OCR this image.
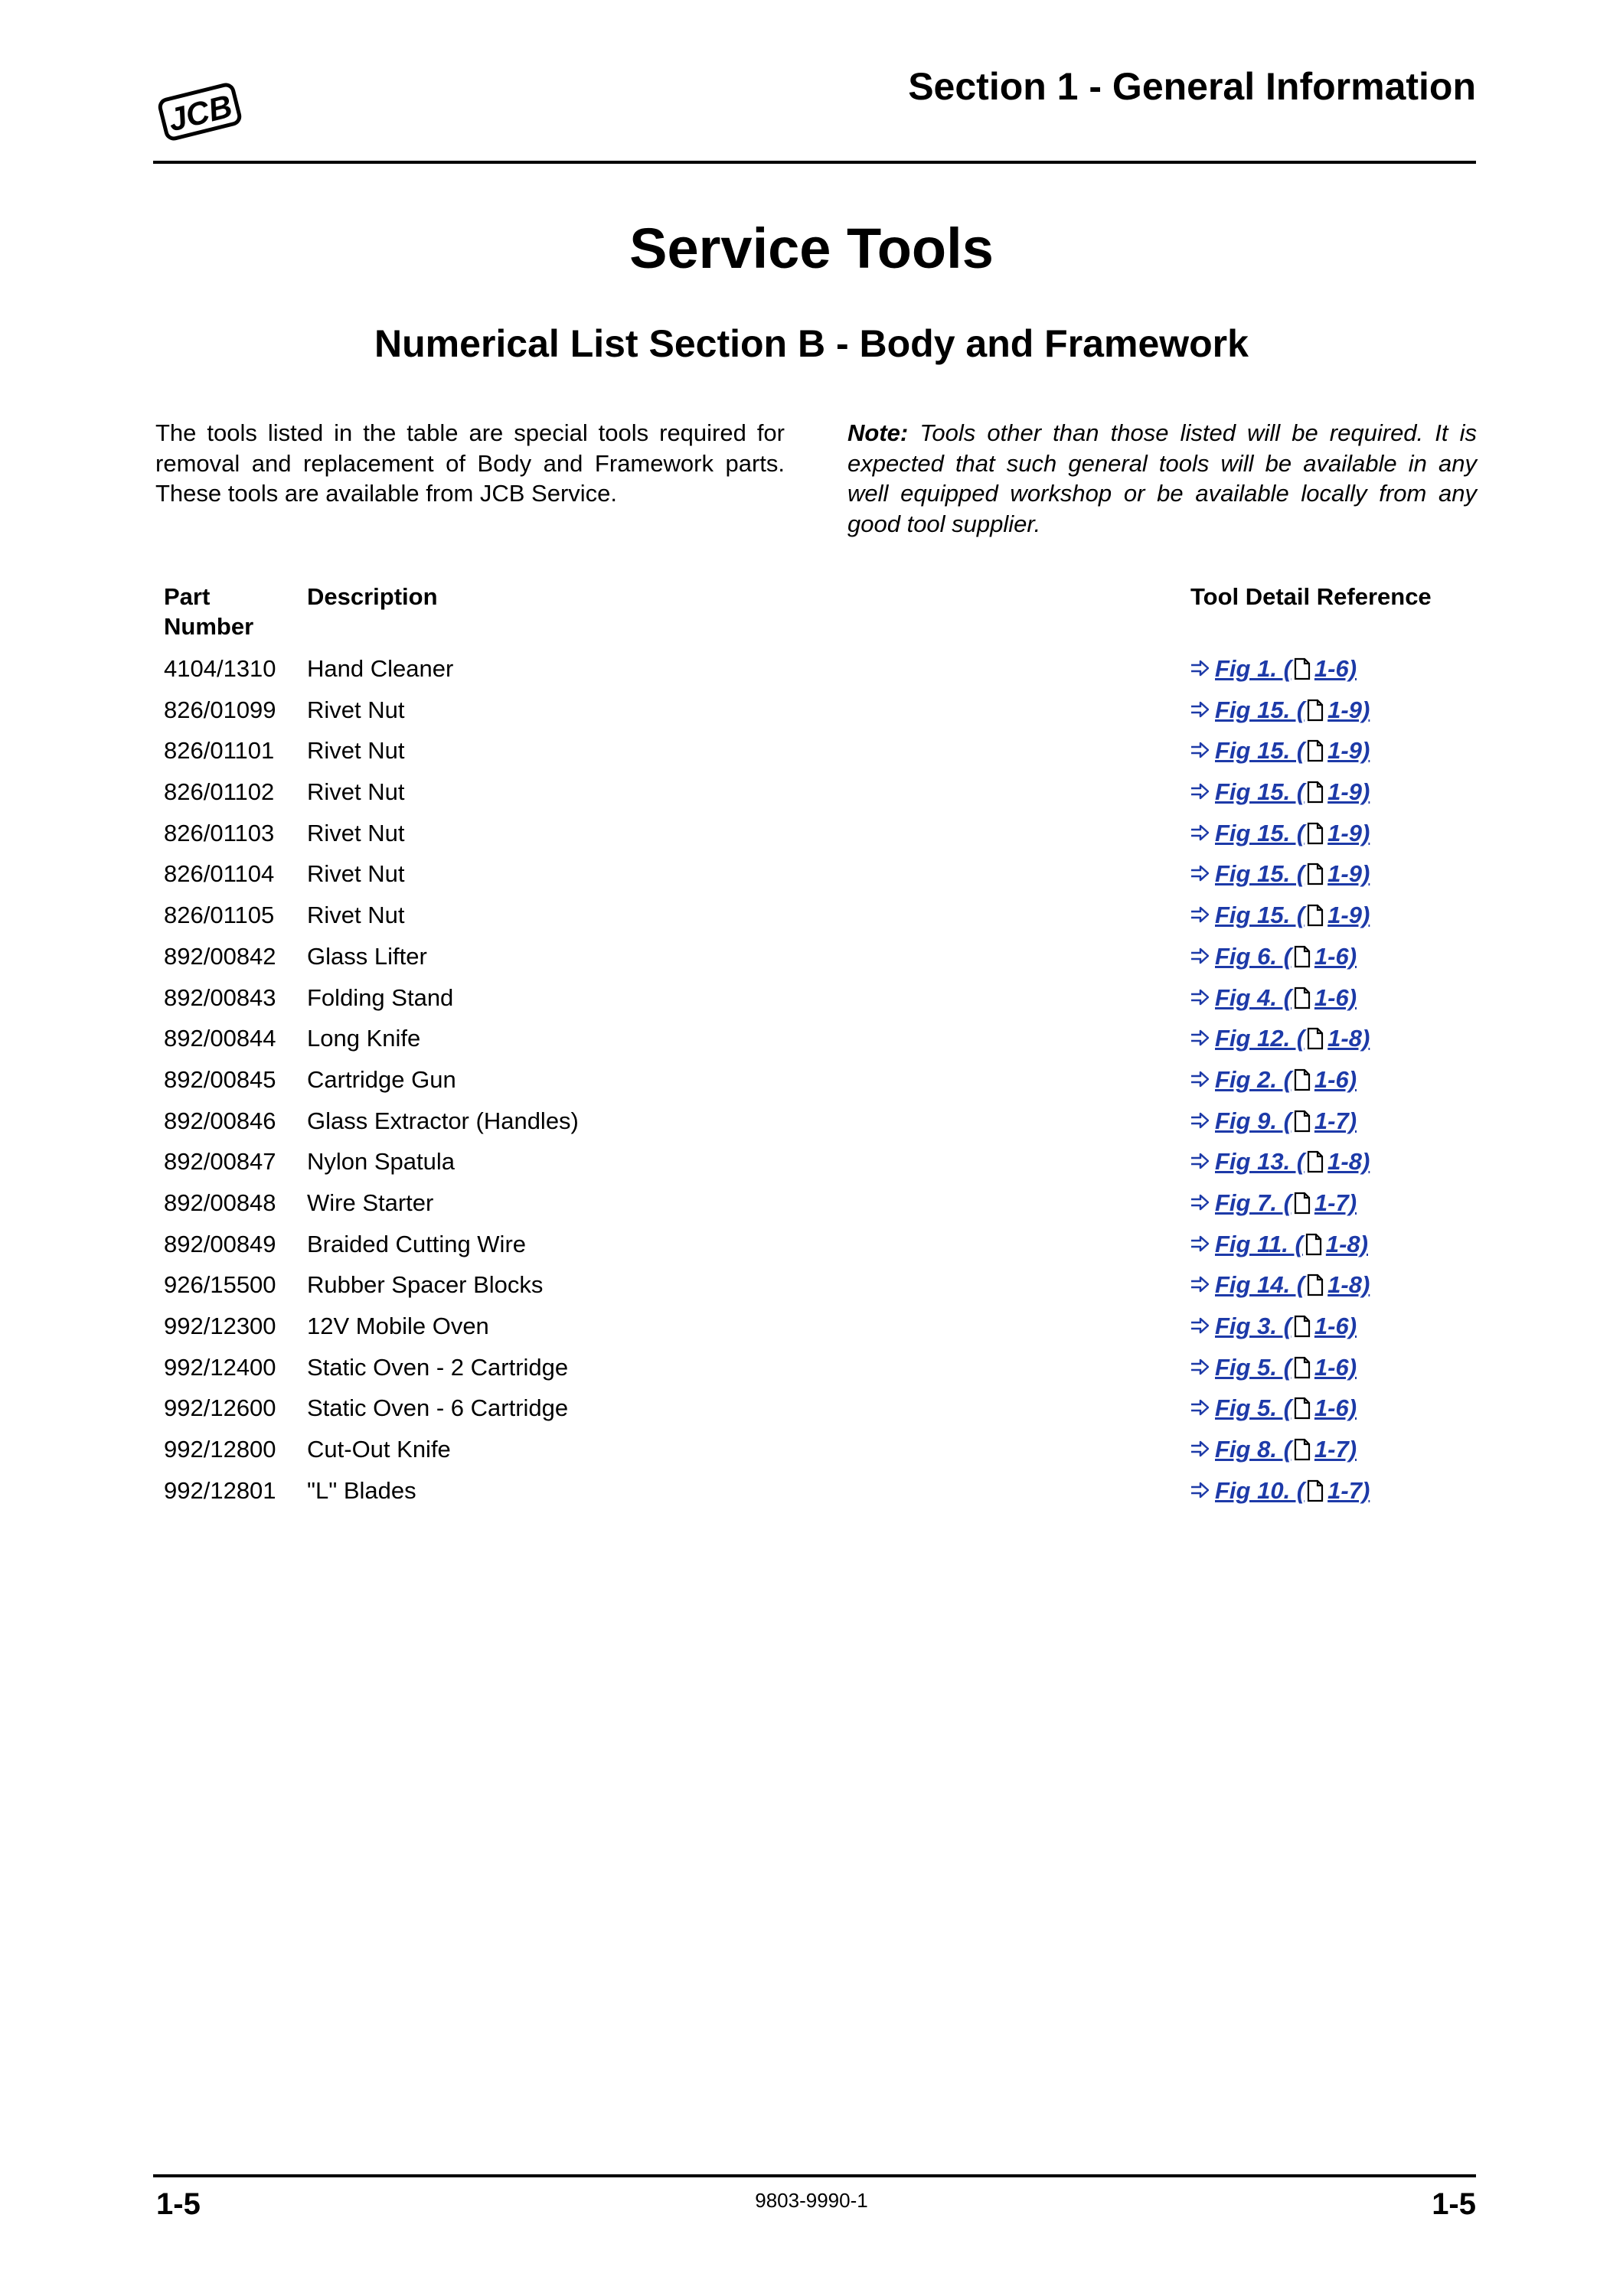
JCB
Section 1 - General Information
Service Tools
Numerical List Section B - Body and Framework
The tools listed in the table are special tools required for removal and replacement of Body and Framework parts. These tools are available from JCB Service.
Note: Tools other than those listed will be required. It is expected that such general tools will be available in any well equipped workshop or be available locally from any good tool supplier.
Part
Number
Description	Tool Detail Reference
4104/1310 Hand Cleaner	Fig 1. ( 1-6)
826/01099 Rivet Nut	Fig 15. ( 1-9)
826/01101 Rivet Nut	Fig 15. ( 1-9)
826/01102 Rivet Nut	Fig 15. ( 1-9)
826/01103 Rivet Nut	Fig 15. ( 1-9)
826/01104 Rivet Nut	Fig 15. ( 1-9)
826/01105 Rivet Nut	Fig 15. ( 1-9)
892/00842 Glass Lifter	Fig 6. ( 1-6)
892/00843 Folding Stand	Fig 4. ( 1-6)
892/00844 Long Knife	Fig 12. ( 1-8)
892/00845 Cartridge Gun	Fig 2. ( 1-6)
892/00846 Glass Extractor (Handles)	Fig 9. ( 1-7)
892/00847 Nylon Spatula	Fig 13. ( 1-8)
892/00848 Wire Starter	Fig 7. ( 1-7)
892/00849 Braided Cutting Wire	Fig 11. ( 1-8)
926/15500 Rubber Spacer Blocks	Fig 14. ( 1-8)
992/12300 12V Mobile Oven	Fig 3. ( 1-6)
992/12400 Static Oven - 2 Cartridge	Fig 5. ( 1-6)
992/12600 Static Oven - 6 Cartridge	Fig 5. ( 1-6)
992/12800 Cut-Out Knife	Fig 8. ( 1-7)
992/12801 "L" Blades	Fig 10. ( 1-7)
1-5	9803-9990-1	1-5
